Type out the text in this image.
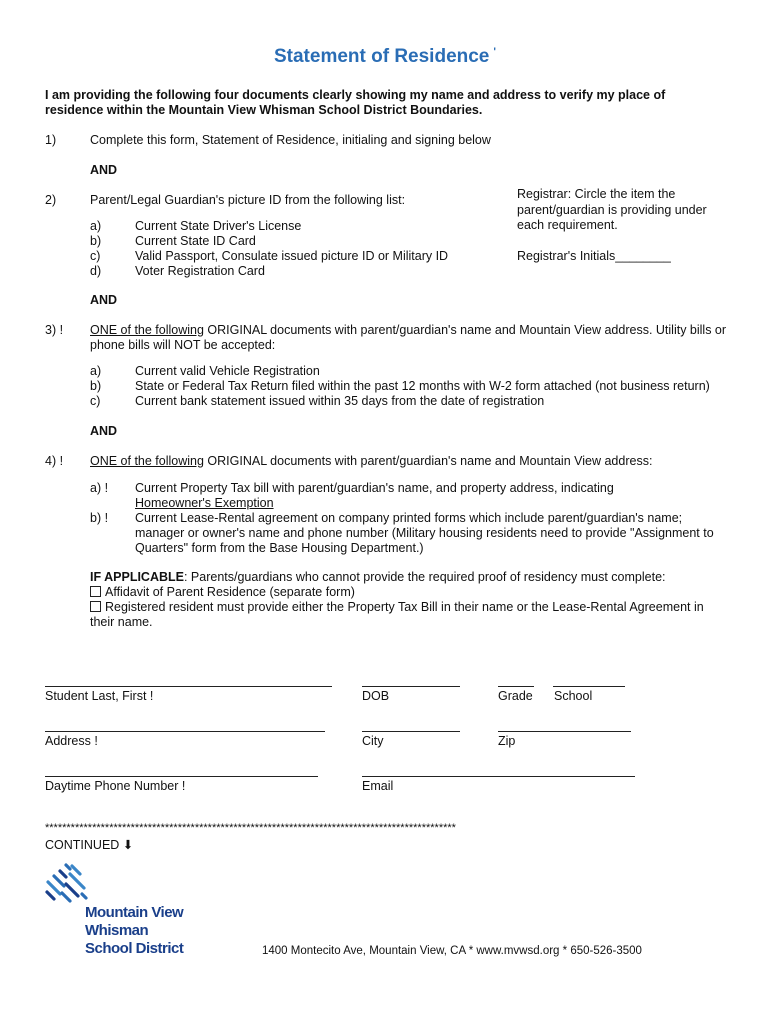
Statement of Residence '
I am providing the following four documents clearly showing my name and address to verify my place of residence within the Mountain View Whisman School District Boundaries.
1)	Complete this form, Statement of Residence, initialing and signing below
AND
2)	Parent/Legal Guardian's picture ID from the following list:
a)	Current State Driver's License
b)	Current State ID Card
c)	Valid Passport, Consulate issued picture ID or Military ID
d)	Voter Registration Card
Registrar: Circle the item the parent/guardian is providing under each requirement.
Registrar's Initials________
AND
3) ! ONE of the following ORIGINAL documents with parent/guardian's name and Mountain View address. Utility bills or phone bills will NOT be accepted:
a)	Current valid Vehicle Registration
b)	State or Federal Tax Return filed within the past 12 months with W-2 form attached (not business return)
c)	Current bank statement issued within 35 days from the date of registration
AND
4) ! ONE of the following ORIGINAL documents with parent/guardian's name and Mountain View address:
a) !	Current Property Tax bill with parent/guardian's name, and property address, indicating
Homeowner's Exemption
b) !	Current Lease-Rental agreement on company printed forms which include parent/guardian's name; manager or owner's name and phone number (Military housing residents need to provide "Assignment to Quarters" form from the Base Housing Department.)
IF APPLICABLE: Parents/guardians who cannot provide the required proof of residency must complete:
Affidavit of Parent Residence (separate form)
Registered resident must provide either the Property Tax Bill in their name or the Lease-Rental Agreement in their name.
Student Last, First !	DOB	Grade School
Address !	City	Zip
Daytime Phone Number !	Email
************************************************************************************************
CONTINUED ⬇
Mountain View
Whisman
School District	1400 Montecito Ave, Mountain View, CA * www.mvwsd.org * 650-526-3500
